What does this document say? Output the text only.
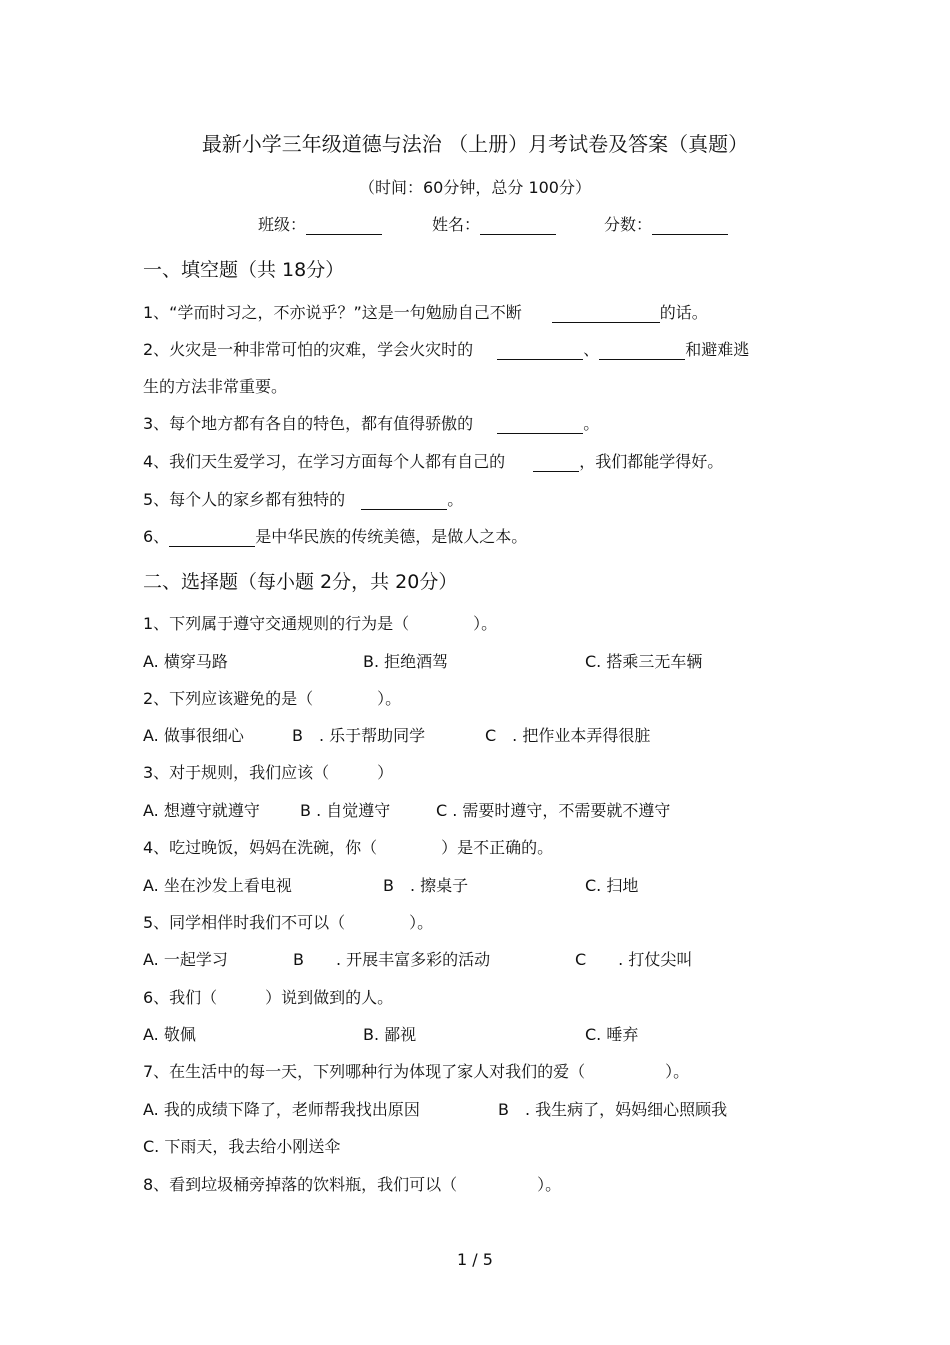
最新小学三年级道德与法治 （上册）月考试卷及答案（真题）
（时间：60分钟，总分 100分）
班级：	姓名：	分数：
一、填空题（共 18分）
1、“学而时习之，不亦说乎？”这是一句勉励自己不断	的话。
2、火灾是一种非常可怕的灾难，学会火灾时的	、	和避难逃
生的方法非常重要。
3、每个地方都有各自的特色，都有值得骄傲的	。
4、我们天生爱学习，在学习方面每个人都有自己的	，我们都能学得好。
5、每个人的家乡都有独特的	。
6、	是中华民族的传统美德，是做人之本。
二、选择题（每小题 2分，共 20分）
1、下列属于遵守交通规则的行为是（　　　　）。
A. 横穿马路	B. 拒绝酒驾	C. 搭乘三无车辆
2、下列应该避免的是（　　　　）。
A. 做事很细心	B　. 乐于帮助同学	C　. 把作业本弄得很脏
3、对于规则，我们应该（　　　）
A. 想遵守就遵守	B . 自觉遵守	C . 需要时遵守，不需要就不遵守
4、吃过晚饭，妈妈在洗碗，你（　　　　）是不正确的。
A. 坐在沙发上看电视	B　. 擦桌子	C. 扫地
5、同学相伴时我们不可以（　　　　）。
A. 一起学习	B　　. 开展丰富多彩的活动	C　　. 打仗尖叫
6、我们（　　　）说到做到的人。
A. 敬佩	B. 鄙视	C. 唾弃
7、在生活中的每一天，下列哪种行为体现了家人对我们的爱（　　　　　）。
A. 我的成绩下降了，老师帮我找出原因	B　. 我生病了，妈妈细心照顾我
C. 下雨天，我去给小刚送伞
8、看到垃圾桶旁掉落的饮料瓶，我们可以（　　　　　）。
1 / 5
